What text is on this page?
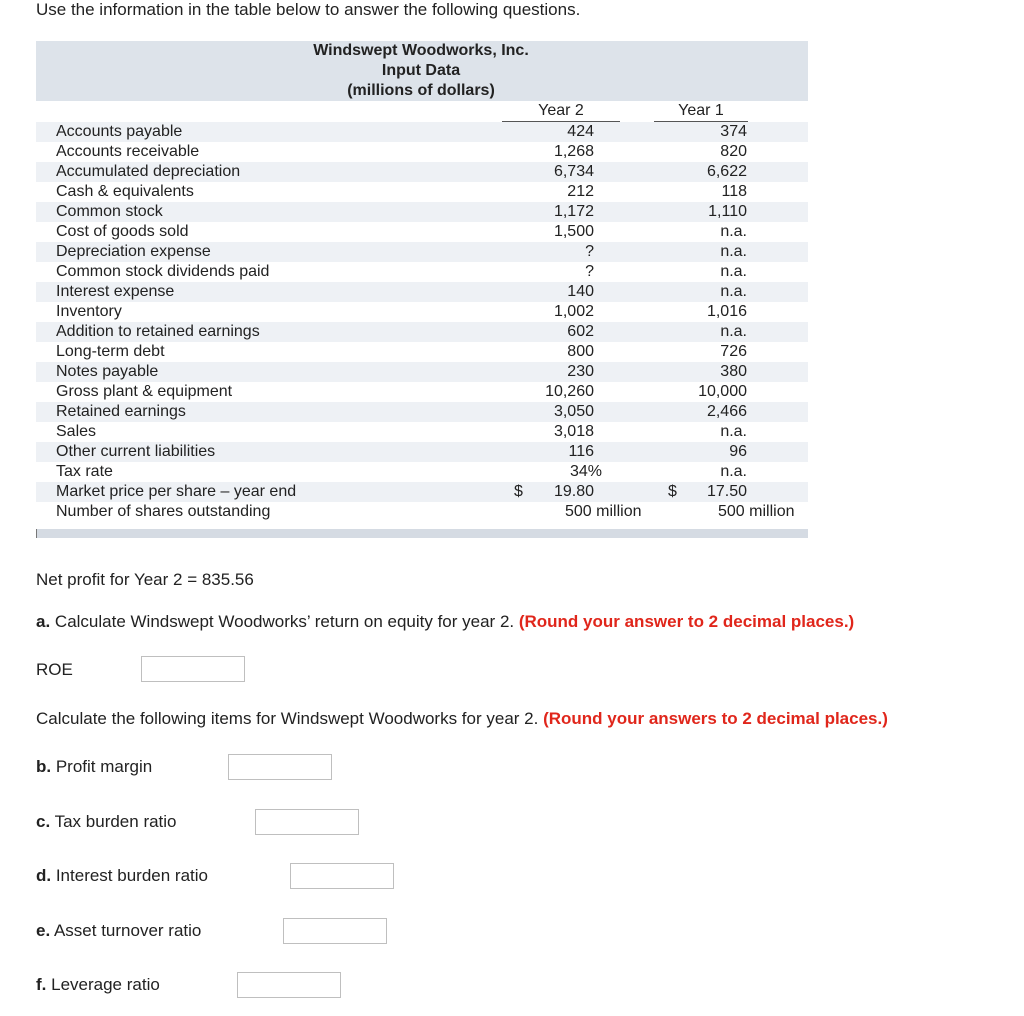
Use the information in the table below to answer the following questions.
Windswept Woodworks, Inc.
Input Data
(millions of dollars)
Year 2	Year 1
Accounts payable	424	374
Accounts receivable	1,268	820
Accumulated depreciation	6,734	6,622
Cash & equivalents	212	118
Common stock	1,172	1,110
Cost of goods sold	1,500	n.a.
Depreciation expense	?	n.a.
Common stock dividends paid	?	n.a.
Interest expense	140	n.a.
Inventory	1,002	1,016
Addition to retained earnings	602	n.a.
Long-term debt	800	726
Notes payable	230	380
Gross plant & equipment	10,260	10,000
Retained earnings	3,050	2,466
Sales	3,018	n.a.
Other current liabilities	116	96
Tax rate	34%	n.a.
Market price per share – year end	$ 19.80	$ 17.50
Number of shares outstanding	500 million	500 million
Net profit for Year 2 = 835.56
a. Calculate Windswept Woodworks’ return on equity for year 2. (Round your answer to 2 decimal places.)
ROE
Calculate the following items for Windswept Woodworks for year 2. (Round your answers to 2 decimal places.)
b. Profit margin
c. Tax burden ratio
d. Interest burden ratio
e. Asset turnover ratio
f. Leverage ratio
